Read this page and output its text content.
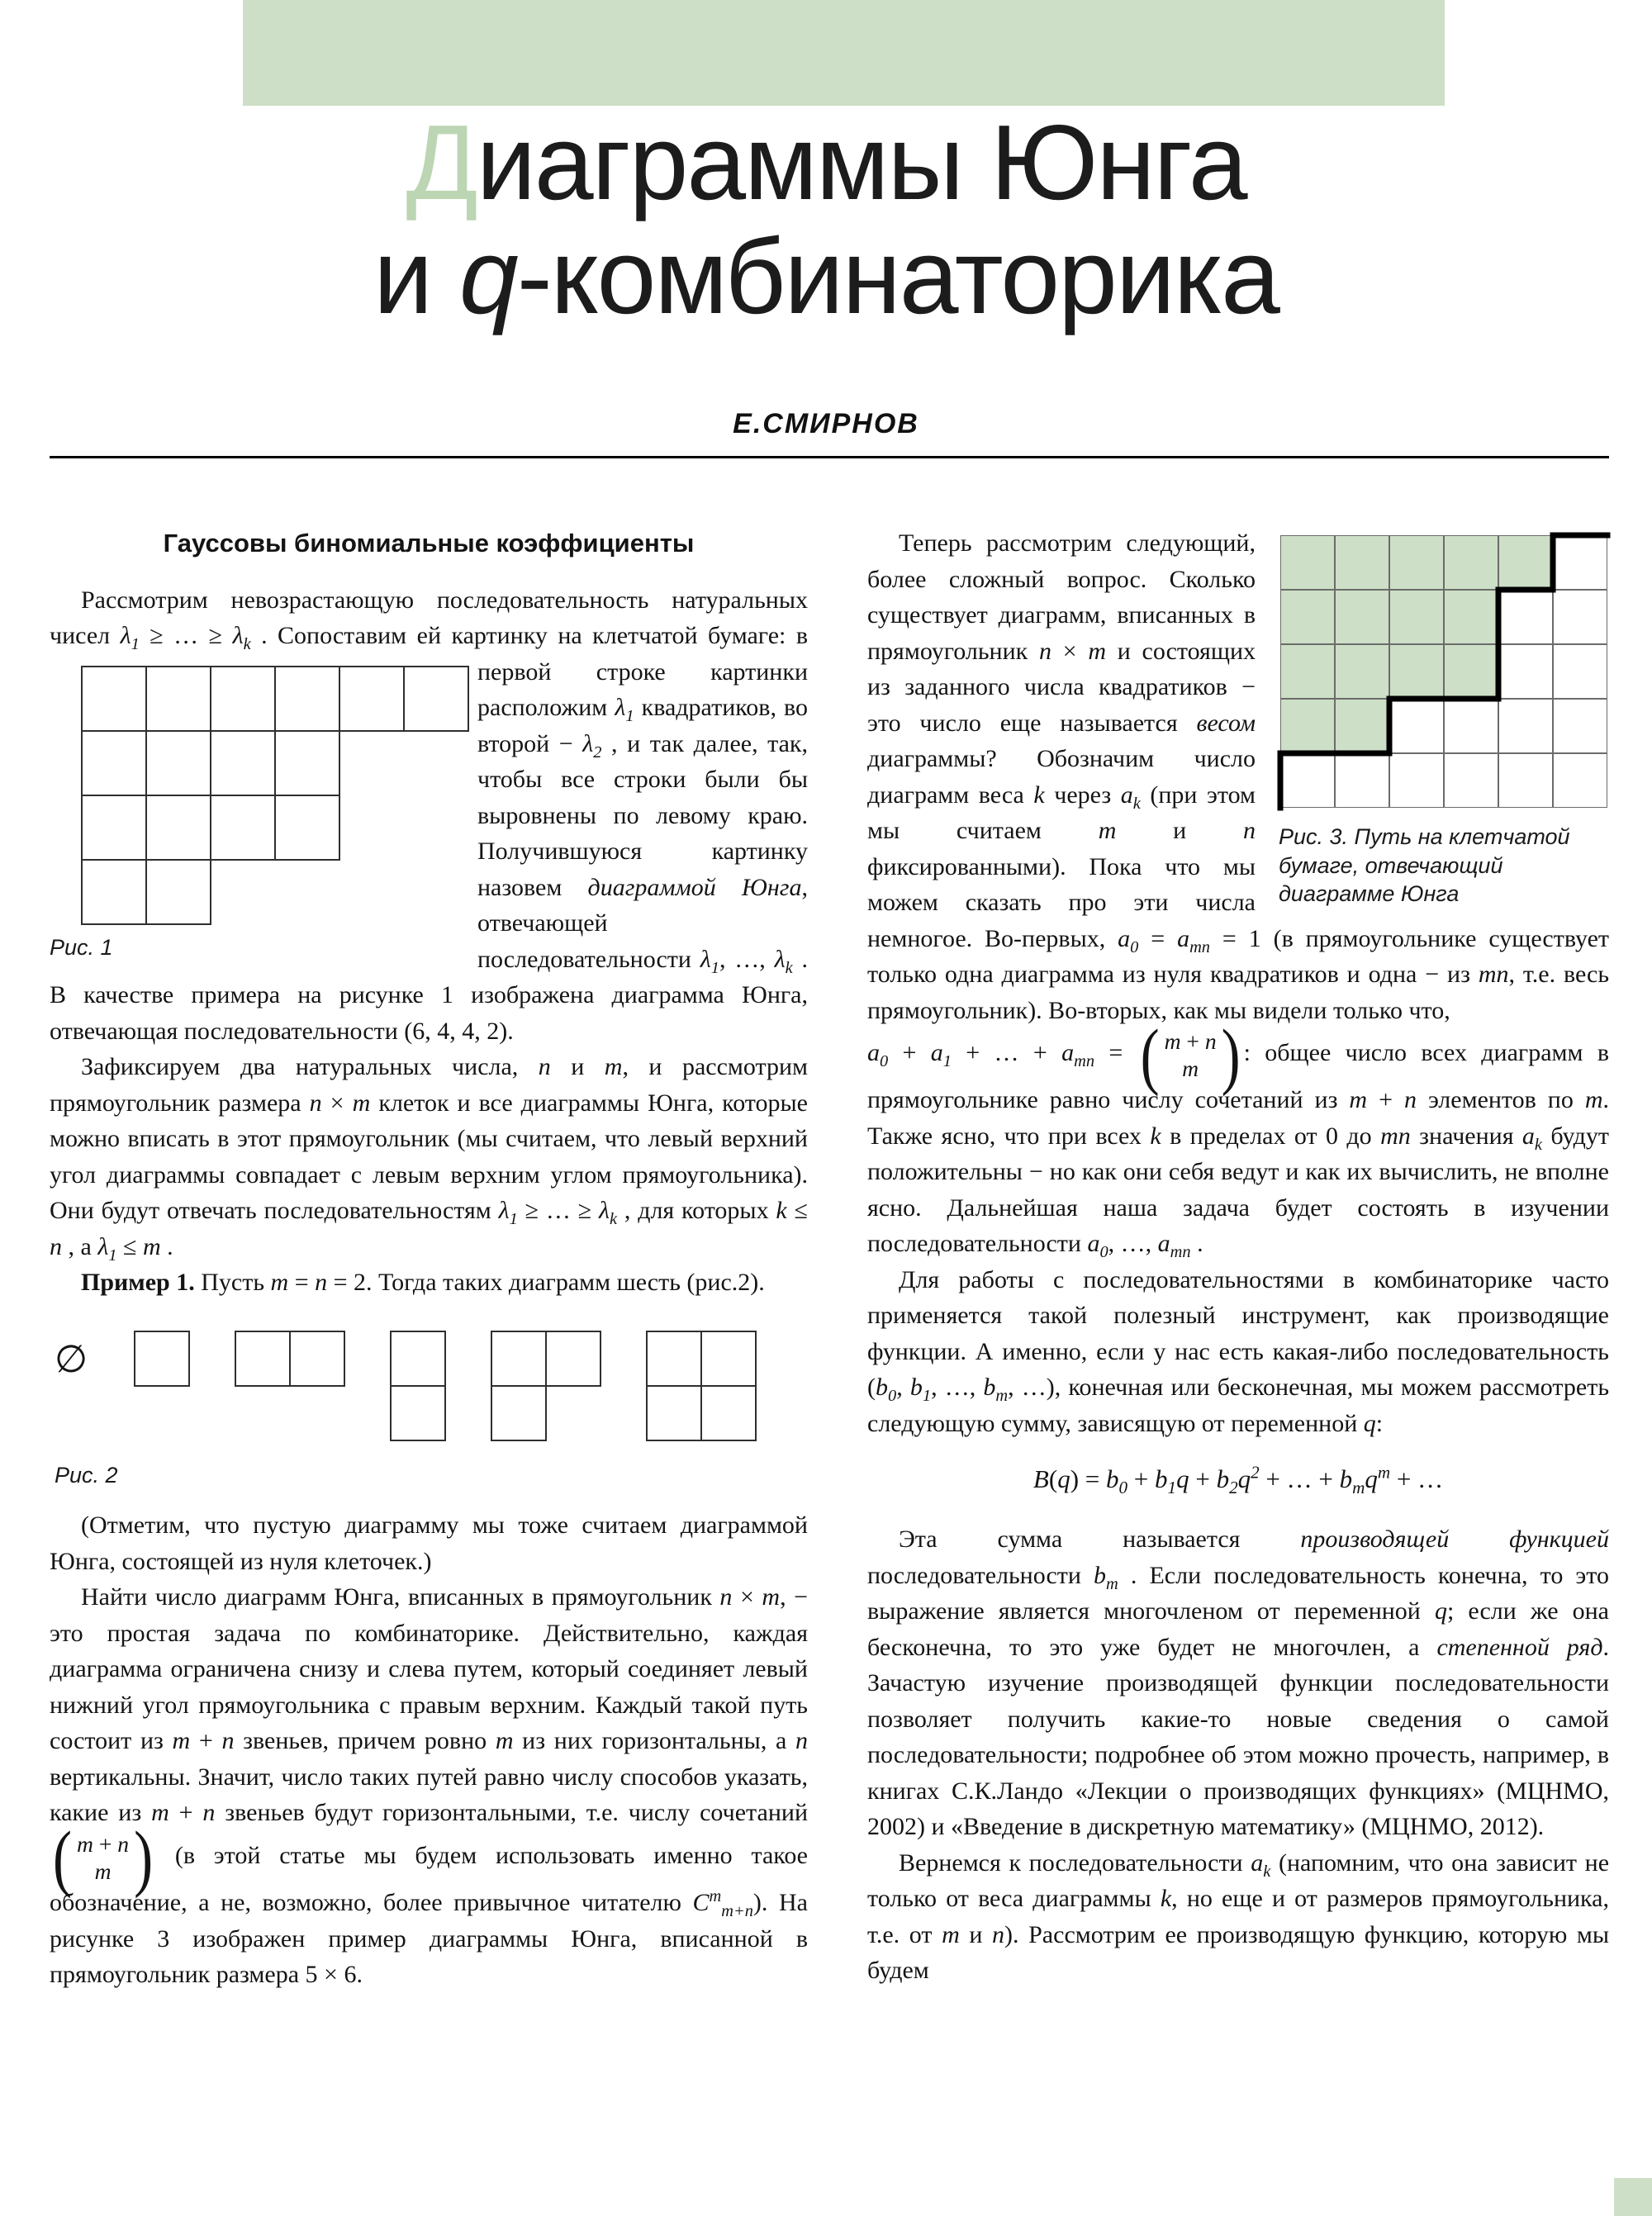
Диаграммы Юнга
и q-комбинаторика
Е.СМИРНОВ
Гауссовы биномиальные коэффициенты

Рассмотрим невозрастающую последовательность натуральных чисел $\lambda_1$ ≥ … ≥ $\lambda_k$ . Сопоставим ей картинку на клетчатой бумаге: в первой строке картинки
Рис. 1
расположим $\lambda_1$ квадратиков, во второй − $\lambda_2$ , и так далее, так, чтобы все строки были бы выровнены по левому краю. Получившуюся картинку назовем диаграммой Юнга, отвечающей последовательности $\lambda_1$, …, $\lambda_k$ . В качестве примера на рисунке 1 изображена диаграмма Юнга, отвечающая последовательности (6, 4, 4, 2).

Зафиксируем два натуральных числа, n и m, и рассмотрим прямоугольник размера n × m клеток и все диаграммы Юнга, которые можно вписать в этот прямоугольник (мы считаем, что левый верхний угол диаграммы совпадает с левым верхним углом прямоугольника). Они будут отвечать последовательностям $\lambda_1$ ≥ … ≥ $\lambda_k$ , для которых k ≤ n , а $\lambda_1 \le m$ .

Пример 1. Пусть m = n = 2. Тогда таких диаграмм шесть (рис.2).

∅
Рис. 2

(Отметим, что пустую диаграмму мы тоже считаем диаграммой Юнга, состоящей из нуля клеточек.)

Найти число диаграмм Юнга, вписанных в прямоугольник n × m, − это простая задача по комбинаторике. Действительно, каждая диаграмма ограничена снизу и слева путем, который соединяет левый нижний угол прямоугольника с правым верхним. Каждый такой путь состоит из m + n звеньев, причем ровно m из них горизонтальны, а n вертикальны. Значит, число таких путей равно числу способов указать, какие из m + n звеньев будут горизонтальными, т.е. числу сочетаний
( m + n
m ) (в этой статье мы будем использовать именно такое обозначение, а не, возможно, более привычное читателю $C^m_{m+n}$). На рисунке 3 изображен пример диаграммы Юнга, вписанной в прямоугольник размера 5 × 6.

Рис. 3. Путь на клетчатой бумаге, отвечающий диаграмме Юнга

Теперь рассмотрим следующий, более сложный вопрос. Сколько существует диаграмм, вписанных в прямоугольник n × m и состоящих из заданного числа квадратиков − это число еще называется весом диаграммы? Обозначим число диаграмм веса k через $a_k$ (при этом мы считаем m и n фиксированными). Пока что мы можем сказать про эти числа немногое. Во-первых, $a_0 = a_{mn} = 1$ (в прямоугольнике существует только одна диаграмма из нуля квадратиков и одна − из mn, т.е. весь прямоугольник). Во-вторых, как мы видели только что,

$a_0 + a_1$ + … + $a_{mn}$ = ( m + n
m ) : общее число всех диаграмм в прямоугольнике равно числу сочетаний из m + n элементов по m. Также ясно, что при всех k в пределах от 0 до mn значения $a_k$ будут положительны − но как они себя ведут и как их вычислить, не вполне ясно. Дальнейшая наша задача будет состоять в изучении последовательности $a_0$, …, $a_{mn}$ .

Для работы с последовательностями в комбинаторике часто применяется такой полезный инструмент, как производящие функции. А именно, если у нас есть какая-либо последовательность ($b_0$, $b_1$, …, $b_m$, …), конечная или бесконечная, мы можем рассмотреть следующую сумму, зависящую от переменной q:

$B(q) = b_0 + b_1q + b_2q^2$ + … + $b_mq^m$ + …

Эта сумма называется производящей функцией последовательности $b_m$ . Если последовательность конечна, то это выражение является многочленом от переменной q; если же она бесконечна, то это уже будет не многочлен, а степенной ряд. Зачастую изучение производящей функции последовательности позволяет получить какие-то новые сведения о самой последовательности; подробнее об этом можно прочесть, например, в книгах С.К.Ландо «Лекции о производящих функциях» (МЦНМО, 2002) и «Введение в дискретную математику» (МЦНМО, 2012).

Вернемся к последовательности $a_k$ (напомним, что она зависит не только от веса диаграммы k, но еще и от размеров прямоугольника, т.е. от m и n). Рассмотрим ее производящую функцию, которую мы будем
